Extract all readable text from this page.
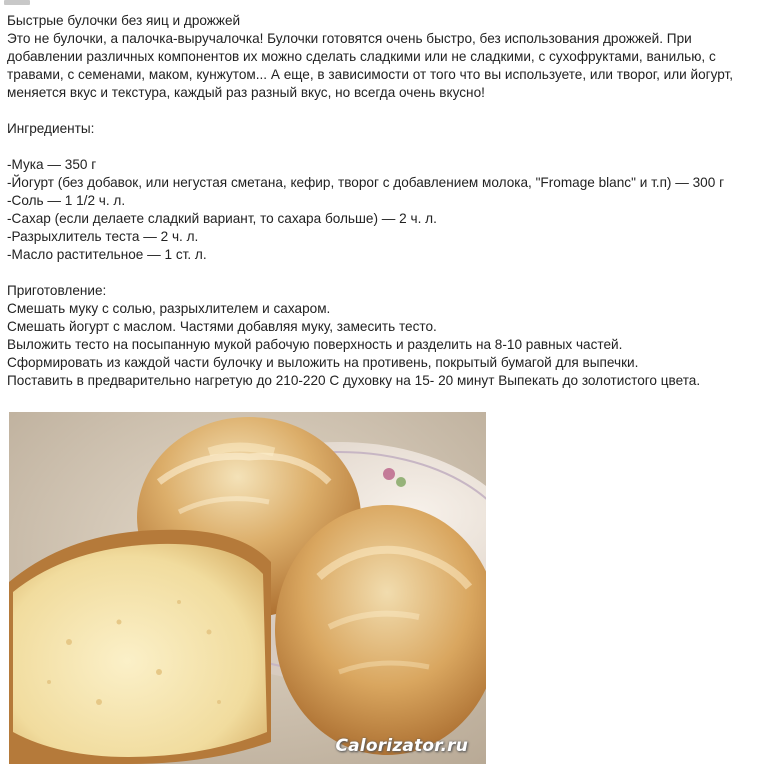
Быстрые булочки без яиц и дрожжей

Это не булочки, а палочка-выручалочка! Булочки готовятся очень быстро, без использования дрожжей. При добавлении различных компонентов их можно сделать сладкими или не сладкими, с сухофруктами, ванилью, с травами, с семенами, маком, кунжутом... А еще, в зависимости от того что вы используете, или творог, или йогурт, меняется вкус и текстура, каждый раз разный вкус, но всегда очень вкусно!

Ингредиенты:

-Мука — 350 г

-Йогурт (без добавок, или негустая сметана, кефир, творог с добавлением молока, "Fromage blanc" и т.п) — 300 г

-Соль — 1 1/2 ч. л.

-Сахар (если делаете сладкий вариант, то сахара больше) — 2 ч. л.

-Разрыхлитель теста — 2 ч. л.

-Масло растительное — 1 ст. л.

Приготовление:

Смешать муку с солью, разрыхлителем и сахаром.

Смешать йогурт с маслом. Частями добавляя муку, замесить тесто.

Выложить тесто на посыпанную мукой рабочую поверхность и разделить на 8-10 равных частей.

Сформировать из каждой части булочку и выложить на противень, покрытый бумагой для выпечки.

Поставить в предварительно нагретую до 210-220 С духовку на 15- 20 минут Выпекать до золотистого цвета.

Calorizator.ru
